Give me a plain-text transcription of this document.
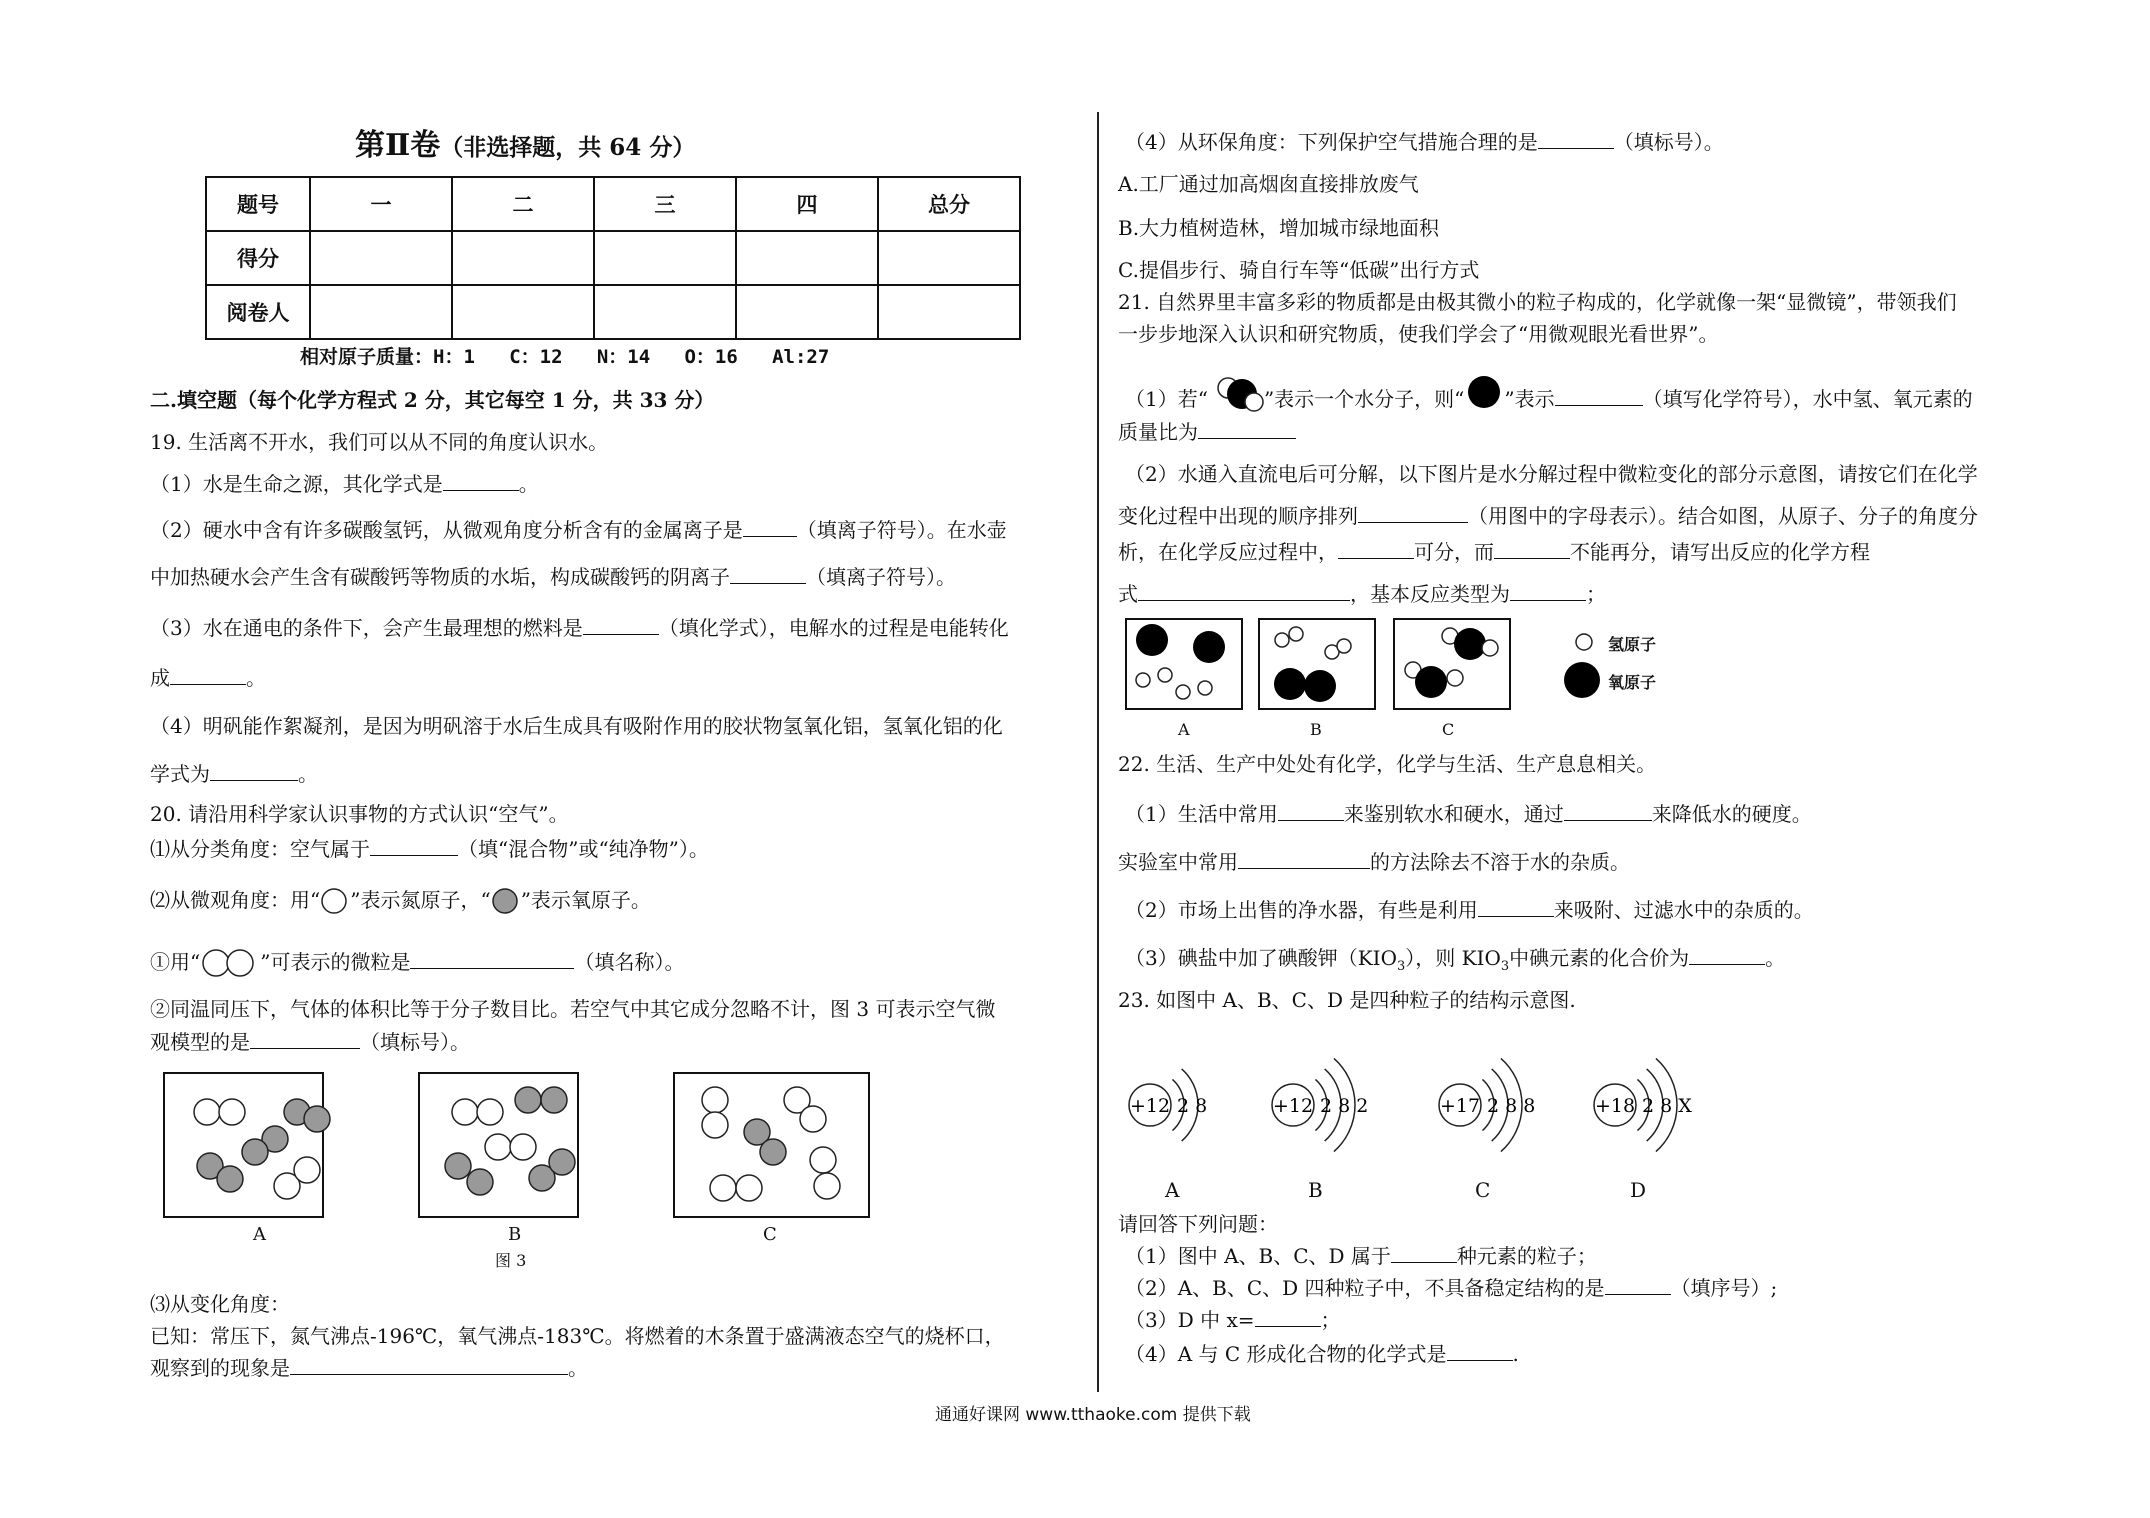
第Ⅱ卷（非选择题，共 64 分）
题号	一	二	三	四	总分
得分					
阅卷人					
相对原子质量：H：1   C：12   N：14   O：16   Al:27
二.填空题（每个化学方程式 2 分，其它每空 1 分，共 33 分）
19. 生活离不开水，我们可以从不同的角度认识水。
（1）水是生命之源，其化学式是	。
（2）硬水中含有许多碳酸氢钙，从微观角度分析含有的金属离子是	（填离子符号）。在水壶
中加热硬水会产生含有碳酸钙等物质的水垢，构成碳酸钙的阴离子	（填离子符号）。
（3）水在通电的条件下，会产生最理想的燃料是	（填化学式），电解水的过程是电能转化
成	。
（4）明矾能作絮凝剂，是因为明矾溶于水后生成具有吸附作用的胶状物氢氧化铝，氢氧化铝的化
学式为	。
20. 请沿用科学家认识事物的方式认识“空气”。
⑴从分类角度：空气属于	（填“混合物”或“纯净物”）。
⑵从微观角度：用“ ”表示氮原子，“ ”表示氧原子。
①用“	”可表示的微粒是	（填名称）。
②同温同压下，气体的体积比等于分子数目比。若空气中其它成分忽略不计，图 3 可表示空气微
观模型的是	（填标号）。
A	B	C
图 3
⑶从变化角度：
已知：常压下，氮气沸点-196℃，氧气沸点-183℃。将燃着的木条置于盛满液态空气的烧杯口，
观察到的现象是	。
（4）从环保角度：下列保护空气措施合理的是	（填标号）。
A.工厂通过加高烟囱直接排放废气
B.大力植树造林，增加城市绿地面积
C.提倡步行、骑自行车等“低碳”出行方式
21. 自然界里丰富多彩的物质都是由极其微小的粒子构成的，化学就像一架“显微镜”，带领我们
一步步地深入认识和研究物质，使我们学会了“用微观眼光看世界”。
（1）若“	”表示一个水分子，则“ ”表示	（填写化学符号），水中氢、氧元素的
质量比为
（2）水通入直流电后可分解，以下图片是水分解过程中微粒变化的部分示意图，请按它们在化学
变化过程中出现的顺序排列	（用图中的字母表示）。结合如图，从原子、分子的角度分
析，在化学反应过程中，	可分，而	不能再分，请写出反应的化学方程
式	，基本反应类型为	；
A	B	C
氢原子
氧原子
22. 生活、生产中处处有化学，化学与生活、生产息息相关。
（1）生活中常用	来鉴别软水和硬水，通过	来降低水的硬度。
实验室中常用	的方法除去不溶于水的杂质。
（2）市场上出售的净水器，有些是利用	来吸附、过滤水中的杂质的。
（3）碘盐中加了碘酸钾$(KIO_3)$，则 $KIO_3$中碘元素的化合价为	。
23. 如图中 A、B、C、D 是四种粒子的结构示意图.
+12 2 8
A
+12 2 8 2
B
+17 2 8 8
C
+18 2 8 X
D
请回答下列问题：
（1）图中 A、B、C、D 属于	种元素的粒子；
（2）A、B、C、D 四种粒子中，不具备稳定结构的是	（填序号）;
（3）D 中 x=	；
（4）A 与 C 形成化合物的化学式是	.
通通好课网 www.tthaoke.com 提供下载
